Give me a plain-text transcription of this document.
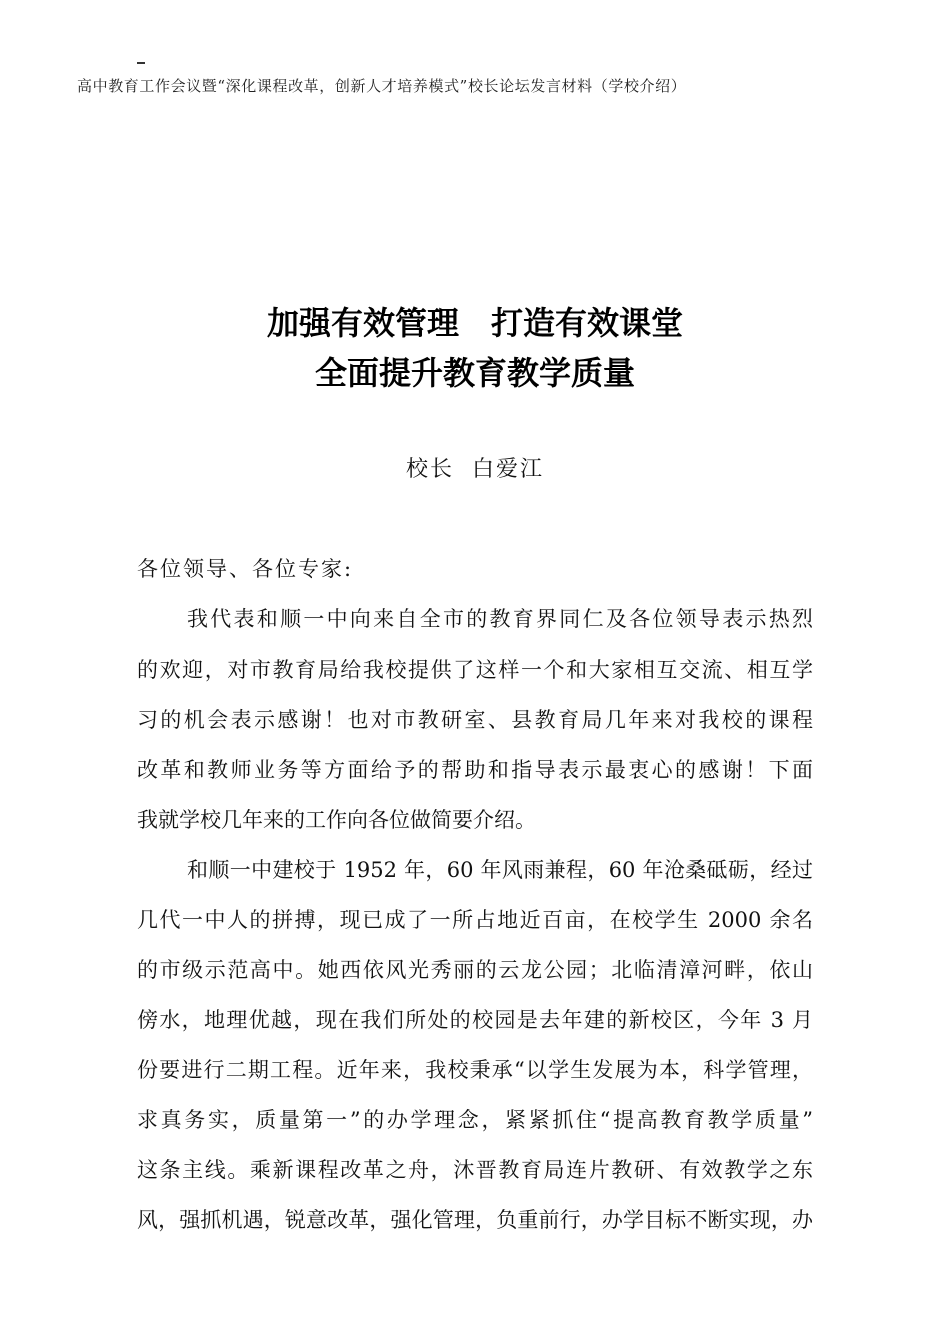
高中教育工作会议暨“深化课程改革，创新人才培养模式”校长论坛发言材料（学校介绍）
加强有效管理　打造有效课堂
全面提升教育教学质量
校长  白爱江
各位领导、各位专家:
我代表和顺一中向来自全市的教育界同仁及各位领导表示热烈
的欢迎，对市教育局给我校提供了这样一个和大家相互交流、相互学
习的机会表示感谢！也对市教研室、县教育局几年来对我校的课程
改革和教师业务等方面给予的帮助和指导表示最衷心的感谢！下面
我就学校几年来的工作向各位做简要介绍。
和顺一中建校于 1952 年，60 年风雨兼程，60 年沧桑砥砺，经过
几代一中人的拼搏，现已成了一所占地近百亩，在校学生 2000 余名
的市级示范高中。她西依风光秀丽的云龙公园；北临清漳河畔，依山
傍水，地理优越，现在我们所处的校园是去年建的新校区，今年 3 月
份要进行二期工程。近年来，我校秉承“以学生发展为本，科学管理，
求真务实，质量第一”的办学理念，紧紧抓住“提高教育教学质量”
这条主线。乘新课程改革之舟，沐晋教育局连片教研、有效教学之东
风，强抓机遇，锐意改革，强化管理，负重前行，办学目标不断实现，办
